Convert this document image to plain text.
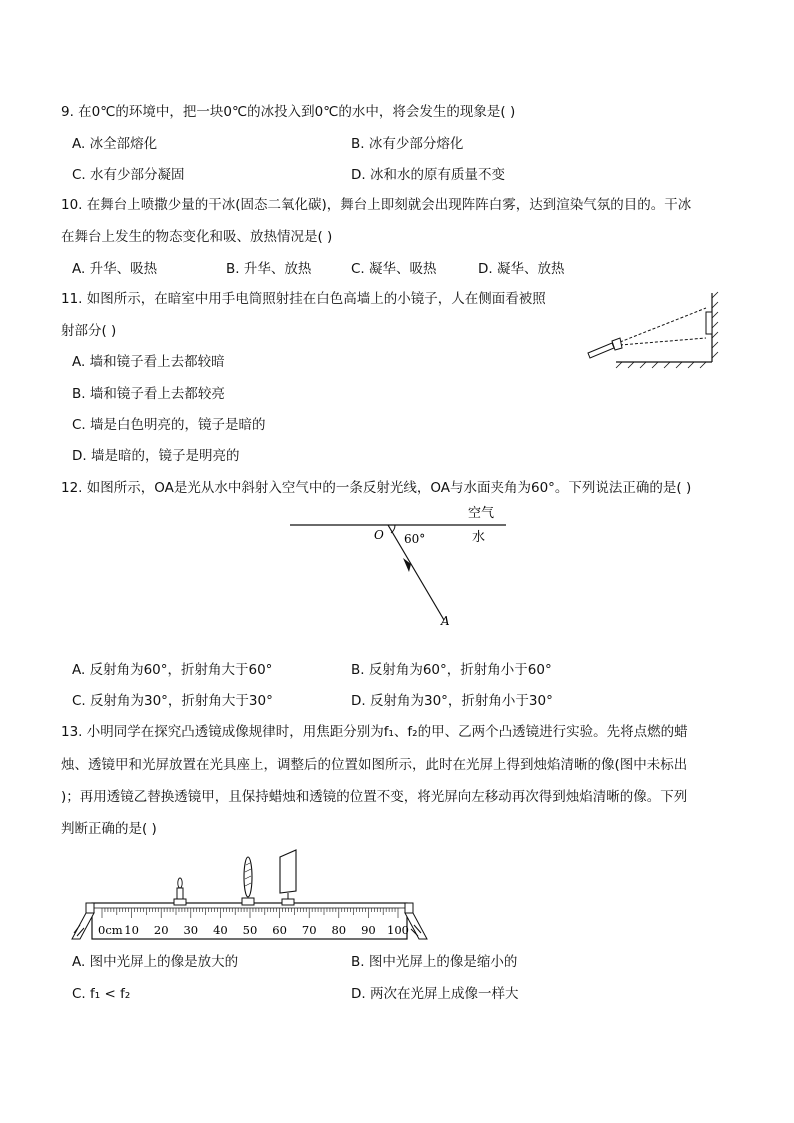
9. 在0℃的环境中，把一块0℃的冰投入到0℃的水中，将会发生的现象是( )
A. 冰全部熔化	B. 冰有少部分熔化
C. 水有少部分凝固	D. 冰和水的原有质量不变
10. 在舞台上喷撒少量的干冰(固态二氧化碳)，舞台上即刻就会出现阵阵白雾，达到渲染气氛的目的。干冰
在舞台上发生的物态变化和吸、放热情况是( )
A. 升华、吸热	B. 升华、放热	C. 凝华、吸热	D. 凝华、放热
11. 如图所示，在暗室中用手电筒照射挂在白色高墙上的小镜子，人在侧面看被照
射部分( )
A. 墙和镜子看上去都较暗
B. 墙和镜子看上去都较亮
C. 墙是白色明亮的，镜子是暗的
D. 墙是暗的，镜子是明亮的
12. 如图所示，OA是光从水中斜射入空气中的一条反射光线，OA与水面夹角为60°。下列说法正确的是( )
空气
水
O 60°
A
A. 反射角为60°，折射角大于60°	B. 反射角为60°，折射角小于60°
C. 反射角为30°，折射角大于30°	D. 反射角为30°，折射角小于30°
13. 小明同学在探究凸透镜成像规律时，用焦距分别为f₁、f₂的甲、乙两个凸透镜进行实验。先将点燃的蜡
烛、透镜甲和光屏放置在光具座上，调整后的位置如图所示，此时在光屏上得到烛焰清晰的像(图中未标出
)；再用透镜乙替换透镜甲，且保持蜡烛和透镜的位置不变，将光屏向左移动再次得到烛焰清晰的像。下列
判断正确的是( )
0cm 10 20 30 40 50 60 70 80 90 100
A. 图中光屏上的像是放大的	B. 图中光屏上的像是缩小的
C. f₁ < f₂	D. 两次在光屏上成像一样大
